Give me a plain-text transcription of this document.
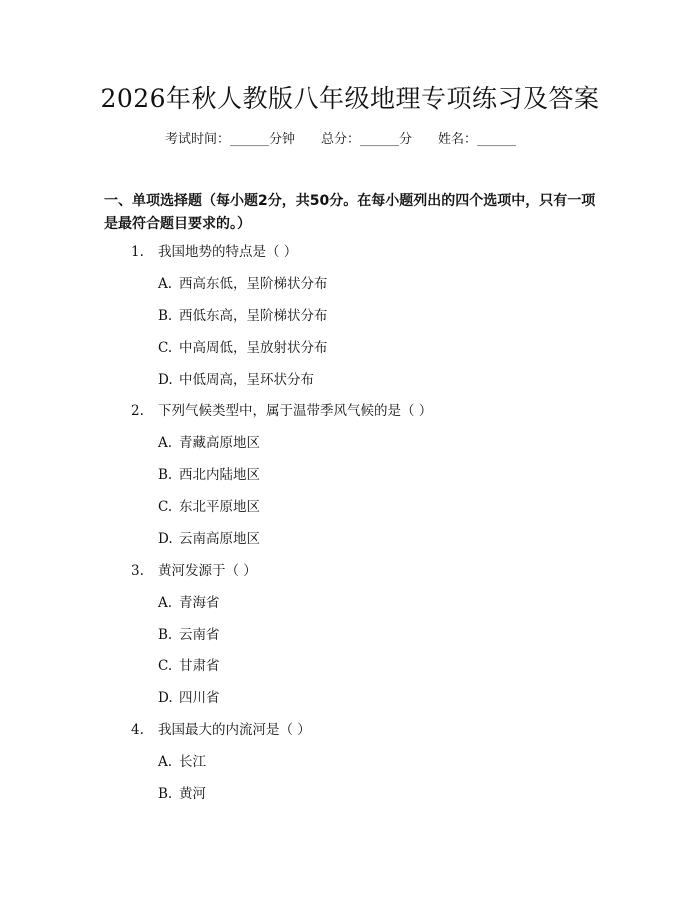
2026年秋人教版八年级地理专项练习及答案
考试时间：______分钟 总分：______分 姓名：______
一、单项选择题（每小题2分，共50分。在每小题列出的四个选项中，只有一项是最符合题目要求的。）
1. 我国地势的特点是（ ）
A. 西高东低，呈阶梯状分布
B. 西低东高，呈阶梯状分布
C. 中高周低，呈放射状分布
D. 中低周高，呈环状分布
2. 下列气候类型中，属于温带季风气候的是（ ）
A. 青藏高原地区
B. 西北内陆地区
C. 东北平原地区
D. 云南高原地区
3. 黄河发源于（ ）
A. 青海省
B. 云南省
C. 甘肃省
D. 四川省
4. 我国最大的内流河是（ ）
A. 长江
B. 黄河
